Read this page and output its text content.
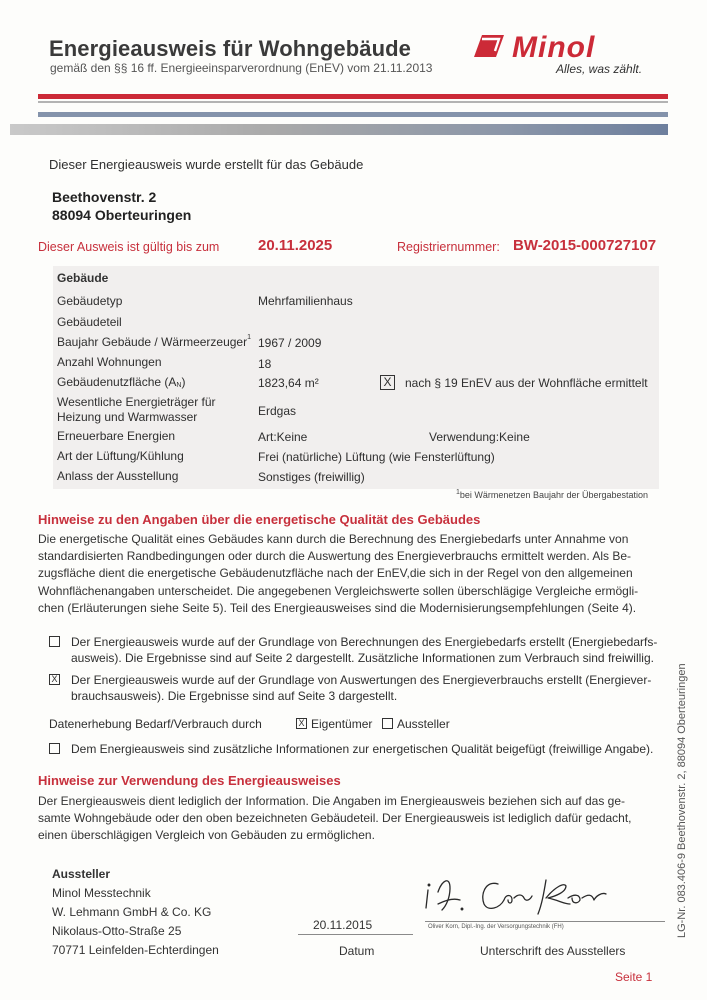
Energieausweis für Wohngebäude
gemäß den §§ 16 ff. Energieeinsparverordnung (EnEV) vom 21.11.2013
Minol
Alles, was zählt.
Dieser Energieausweis wurde erstellt für das Gebäude
Beethovenstr. 2
88094 Oberteuringen
Dieser Ausweis ist gültig bis zum	20.11.2025	Registriernummer: BW-2015-000727107
Gebäude
Gebäudetyp	Mehrfamilienhaus
Gebäudeteil
Baujahr Gebäude / Wärmeerzeuger$^1$ 1967 / 2009
Anzahl Wohnungen	18
Gebäudenutzfläche (AN)	1823,64 m²	X nach § 19 EnEV aus der Wohnfläche ermittelt
Wesentliche Energieträger für
Heizung und Warmwasser	Erdgas
Erneuerbare Energien	Art:Keine	Verwendung:Keine
Art der Lüftung/Kühlung	Frei (natürliche) Lüftung (wie Fensterlüftung)
Anlass der Ausstellung	Sonstiges (freiwillig)
$^1$bei Wärmenetzen Baujahr der Übergabestation
Hinweise zu den Angaben über die energetische Qualität des Gebäudes
Die energetische Qualität eines Gebäudes kann durch die Berechnung des Energiebedarfs unter Annahme von
standardisierten Randbedingungen oder durch die Auswertung des Energieverbrauchs ermittelt werden. Als Be-
zugsfläche dient die energetische Gebäudenutzfläche nach der EnEV,die sich in der Regel von den allgemeinen
Wohnflächenangaben unterscheidet. Die angegebenen Vergleichswerte sollen überschlägige Vergleiche ermögli-
chen (Erläuterungen siehe Seite 5). Teil des Energieausweises sind die Modernisierungsempfehlungen (Seite 4).
Der Energieausweis wurde auf der Grundlage von Berechnungen des Energiebedarfs erstellt (Energiebedarfs-
ausweis). Die Ergebnisse sind auf Seite 2 dargestellt. Zusätzliche Informationen zum Verbrauch sind freiwillig.
X Der Energieausweis wurde auf der Grundlage von Auswertungen des Energieverbrauchs erstellt (Energiever-
brauchsausweis). Die Ergebnisse sind auf Seite 3 dargestellt.
Datenerhebung Bedarf/Verbrauch durch	X Eigentümer	Aussteller
Dem Energieausweis sind zusätzliche Informationen zur energetischen Qualität beigefügt (freiwillige Angabe).
Hinweise zur Verwendung des Energieausweises
Der Energieausweis dient lediglich der Information. Die Angaben im Energieausweis beziehen sich auf das ge-
samte Wohngebäude oder den oben bezeichneten Gebäudeteil. Der Energieausweis ist lediglich dafür gedacht,
einen überschlägigen Vergleich von Gebäuden zu ermöglichen.
Aussteller
Minol Messtechnik
W. Lehmann GmbH & Co. KG
Nikolaus-Otto-Straße 25
70771 Leinfelden-Echterdingen
20.11.2015
Datum
Oliver Korn, Dipl.-Ing. der Versorgungstechnik (FH)
Unterschrift des Ausstellers
LG-Nr. 083.406-9 Beethovenstr. 2, 88094 Oberteuringen
Seite 1
